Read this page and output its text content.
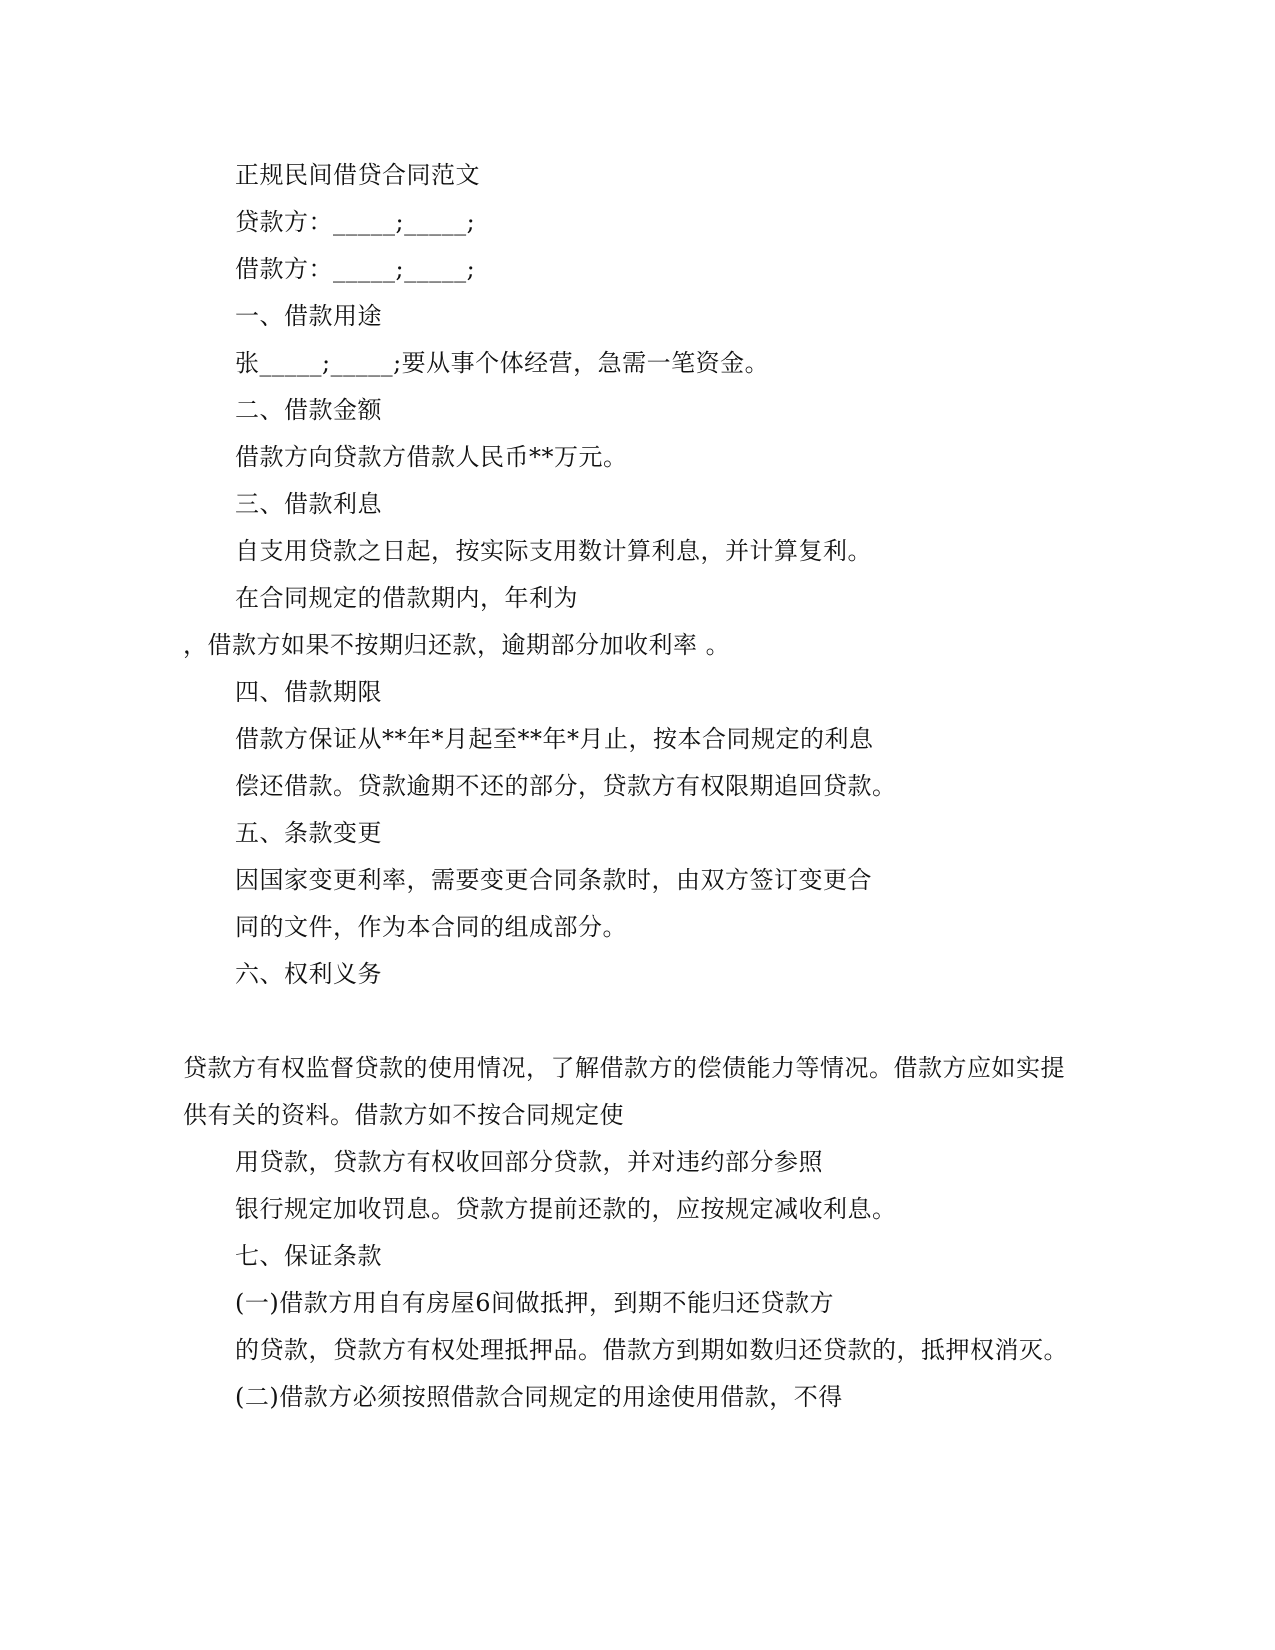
正规民间借贷合同范文
贷款方：_____;_____;
借款方：_____;_____;
一、借款用途
张_____;_____;要从事个体经营，急需一笔资金。
二、借款金额
借款方向贷款方借款人民币**万元。
三、借款利息
自支用贷款之日起，按实际支用数计算利息，并计算复利。
在合同规定的借款期内，年利为
，借款方如果不按期归还款，逾期部分加收利率 。
四、借款期限
借款方保证从**年*月起至**年*月止，按本合同规定的利息
偿还借款。贷款逾期不还的部分，贷款方有权限期追回贷款。
五、条款变更
因国家变更利率，需要变更合同条款时，由双方签订变更合
同的文件，作为本合同的组成部分。
六、权利义务
贷款方有权监督贷款的使用情况，了解借款方的偿债能力等情况。借款方应如实提
供有关的资料。借款方如不按合同规定使
用贷款，贷款方有权收回部分贷款，并对违约部分参照
银行规定加收罚息。贷款方提前还款的，应按规定减收利息。
七、保证条款
(一)借款方用自有房屋6间做抵押，到期不能归还贷款方
的贷款，贷款方有权处理抵押品。借款方到期如数归还贷款的，抵押权消灭。
(二)借款方必须按照借款合同规定的用途使用借款，不得
